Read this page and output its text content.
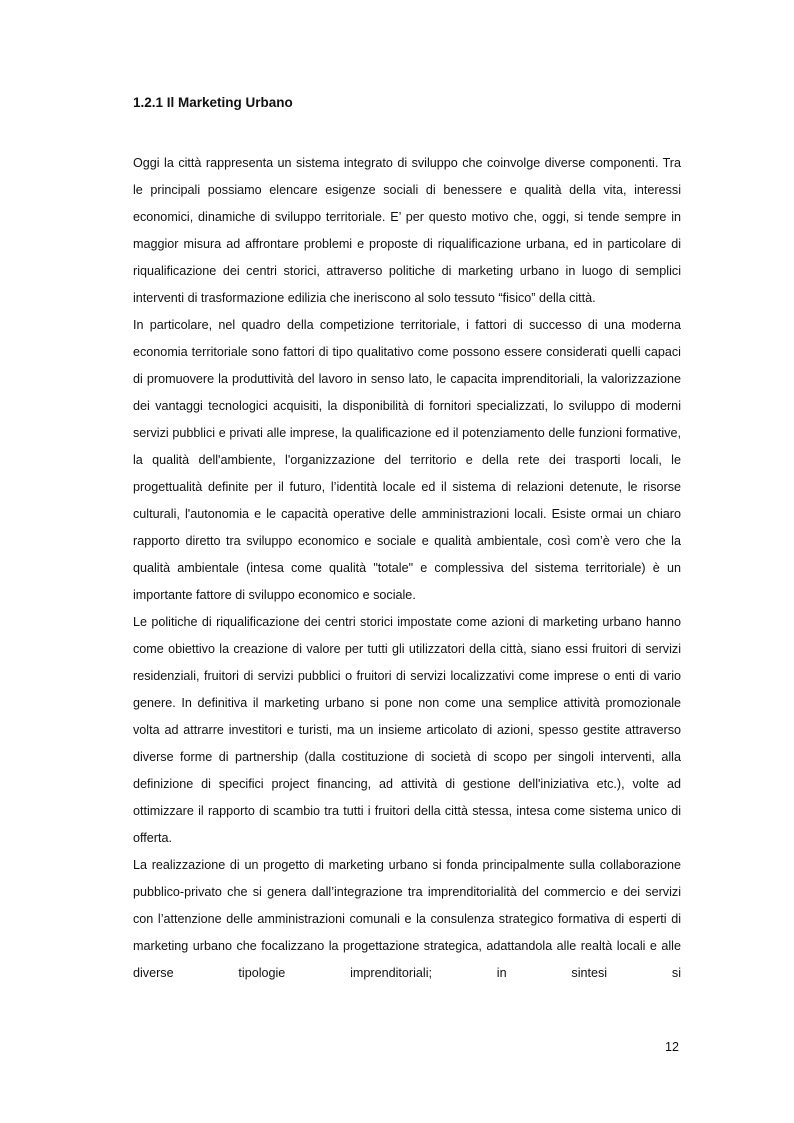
1.2.1 Il Marketing Urbano

Oggi la città rappresenta un sistema integrato di sviluppo che coinvolge diverse componenti. Tra le principali possiamo elencare esigenze sociali di benessere e qualità della vita, interessi economici, dinamiche di sviluppo territoriale. E’ per questo motivo che, oggi, si tende sempre in maggior misura ad affrontare problemi e proposte di riqualificazione urbana, ed in particolare di riqualificazione dei centri storici, attraverso politiche di marketing urbano in luogo di semplici interventi di trasformazione edilizia che ineriscono al solo tessuto “fisico” della città.

In particolare, nel quadro della competizione territoriale, i fattori di successo di una moderna economia territoriale sono fattori di tipo qualitativo come possono essere considerati quelli capaci di promuovere la produttività del lavoro in senso lato, le capacita imprenditoriali, la valorizzazione dei vantaggi tecnologici acquisiti, la disponibilità di fornitori specializzati, lo sviluppo di moderni servizi pubblici e privati alle imprese, la qualificazione ed il potenziamento delle funzioni formative, la qualità dell'ambiente, l'organizzazione del territorio e della rete dei trasporti locali, le progettualità definite per il futuro, l’identità locale ed il sistema di relazioni detenute, le risorse culturali, l'autonomia e le capacità operative delle amministrazioni locali. Esiste ormai un chiaro rapporto diretto tra sviluppo economico e sociale e qualità ambientale, così com’è vero che la qualità ambientale (intesa come qualità "totale" e complessiva del sistema territoriale) è un importante fattore di sviluppo economico e sociale.

Le politiche di riqualificazione dei centri storici impostate come azioni di marketing urbano hanno come obiettivo la creazione di valore per tutti gli utilizzatori della città, siano essi fruitori di servizi residenziali, fruitori di servizi pubblici o fruitori di servizi localizzativi come imprese o enti di vario genere. In definitiva il marketing urbano si pone non come una semplice attività promozionale volta ad attrarre investitori e turisti, ma un insieme articolato di azioni, spesso gestite attraverso diverse forme di partnership (dalla costituzione di società di scopo per singoli interventi, alla definizione di specifici project financing, ad attività di gestione dell'iniziativa etc.), volte ad ottimizzare il rapporto di scambio tra tutti i fruitori della città stessa, intesa come sistema unico di offerta.

La realizzazione di un progetto di marketing urbano si fonda principalmente sulla collaborazione pubblico-privato che si genera dall’integrazione tra imprenditorialità del commercio e dei servizi con l’attenzione delle amministrazioni comunali e la consulenza strategico formativa di esperti di marketing urbano che focalizzano la progettazione strategica, adattandola alle realtà locali e alle diverse tipologie imprenditoriali; in sintesi si

12
